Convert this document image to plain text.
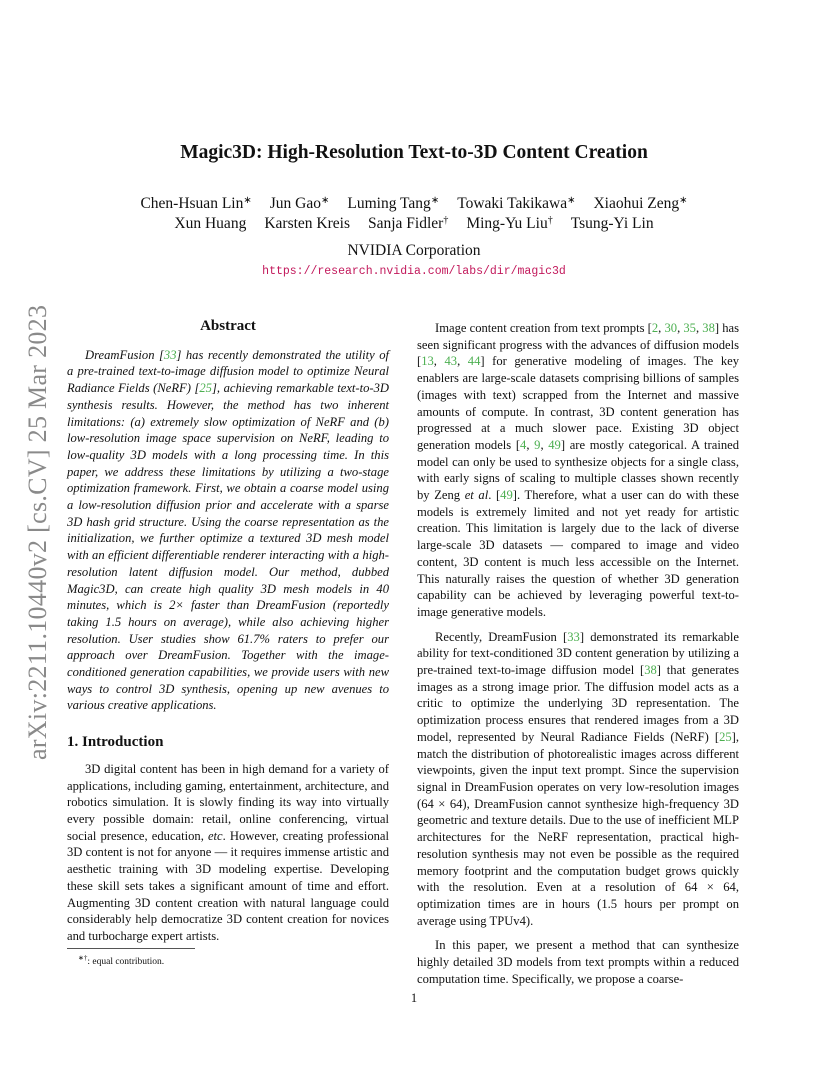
arXiv:2211.10440v2 [cs.CV] 25 Mar 2023
Magic3D: High-Resolution Text-to-3D Content Creation
Chen-Hsuan Lin∗ Jun Gao∗ Luming Tang∗ Towaki Takikawa∗ Xiaohui Zeng∗
Xun Huang Karsten Kreis Sanja Fidler† Ming-Yu Liu† Tsung-Yi Lin
NVIDIA Corporation
https://research.nvidia.com/labs/dir/magic3d
Abstract

DreamFusion [33] has recently demonstrated the utility of a pre-trained text-to-image diffusion model to optimize Neural Radiance Fields (NeRF) [25], achieving remarkable text-to-3D synthesis results. However, the method has two inherent limitations: (a) extremely slow optimization of NeRF and (b) low-resolution image space supervision on NeRF, leading to low-quality 3D models with a long processing time. In this paper, we address these limitations by utilizing a two-stage optimization framework. First, we obtain a coarse model using a low-resolution diffusion prior and accelerate with a sparse 3D hash grid structure. Using the coarse representation as the initialization, we further optimize a textured 3D mesh model with an efficient differentiable renderer interacting with a high-resolution latent diffusion model. Our method, dubbed Magic3D, can create high quality 3D mesh models in 40 minutes, which is 2× faster than DreamFusion (reportedly taking 1.5 hours on average), while also achieving higher resolution. User studies show 61.7% raters to prefer our approach over DreamFusion. Together with the image-conditioned generation capabilities, we provide users with new ways to control 3D synthesis, opening up new avenues to various creative applications.

1. Introduction

3D digital content has been in high demand for a variety of applications, including gaming, entertainment, architecture, and robotics simulation. It is slowly finding its way into virtually every possible domain: retail, online conferencing, virtual social presence, education, etc. However, creating professional 3D content is not for anyone — it requires immense artistic and aesthetic training with 3D modeling expertise. Developing these skill sets takes a significant amount of time and effort. Augmenting 3D content creation with natural language could considerably help democratize 3D content creation for novices and turbocharge expert artists.

Image content creation from text prompts [2, 30, 35, 38] has seen significant progress with the advances of diffusion models [13, 43, 44] for generative modeling of images. The key enablers are large-scale datasets comprising billions of samples (images with text) scrapped from the Internet and massive amounts of compute. In contrast, 3D content generation has progressed at a much slower pace. Existing 3D object generation models [4, 9, 49] are mostly categorical. A trained model can only be used to synthesize objects for a single class, with early signs of scaling to multiple classes shown recently by Zeng et al. [49]. Therefore, what a user can do with these models is extremely limited and not yet ready for artistic creation. This limitation is largely due to the lack of diverse large-scale 3D datasets — compared to image and video content, 3D content is much less accessible on the Internet. This naturally raises the question of whether 3D generation capability can be achieved by leveraging powerful text-to-image generative models.

Recently, DreamFusion [33] demonstrated its remarkable ability for text-conditioned 3D content generation by utilizing a pre-trained text-to-image diffusion model [38] that generates images as a strong image prior. The diffusion model acts as a critic to optimize the underlying 3D representation. The optimization process ensures that rendered images from a 3D model, represented by Neural Radiance Fields (NeRF) [25], match the distribution of photorealistic images across different viewpoints, given the input text prompt. Since the supervision signal in DreamFusion operates on very low-resolution images (64 × 64), DreamFusion cannot synthesize high-frequency 3D geometric and texture details. Due to the use of inefficient MLP architectures for the NeRF representation, practical high-resolution synthesis may not even be possible as the required memory footprint and the computation budget grows quickly with the resolution. Even at a resolution of 64 × 64, optimization times are in hours (1.5 hours per prompt on average using TPUv4).

In this paper, we present a method that can synthesize highly detailed 3D models from text prompts within a reduced computation time. Specifically, we propose a coarse-

∗†: equal contribution.
1
